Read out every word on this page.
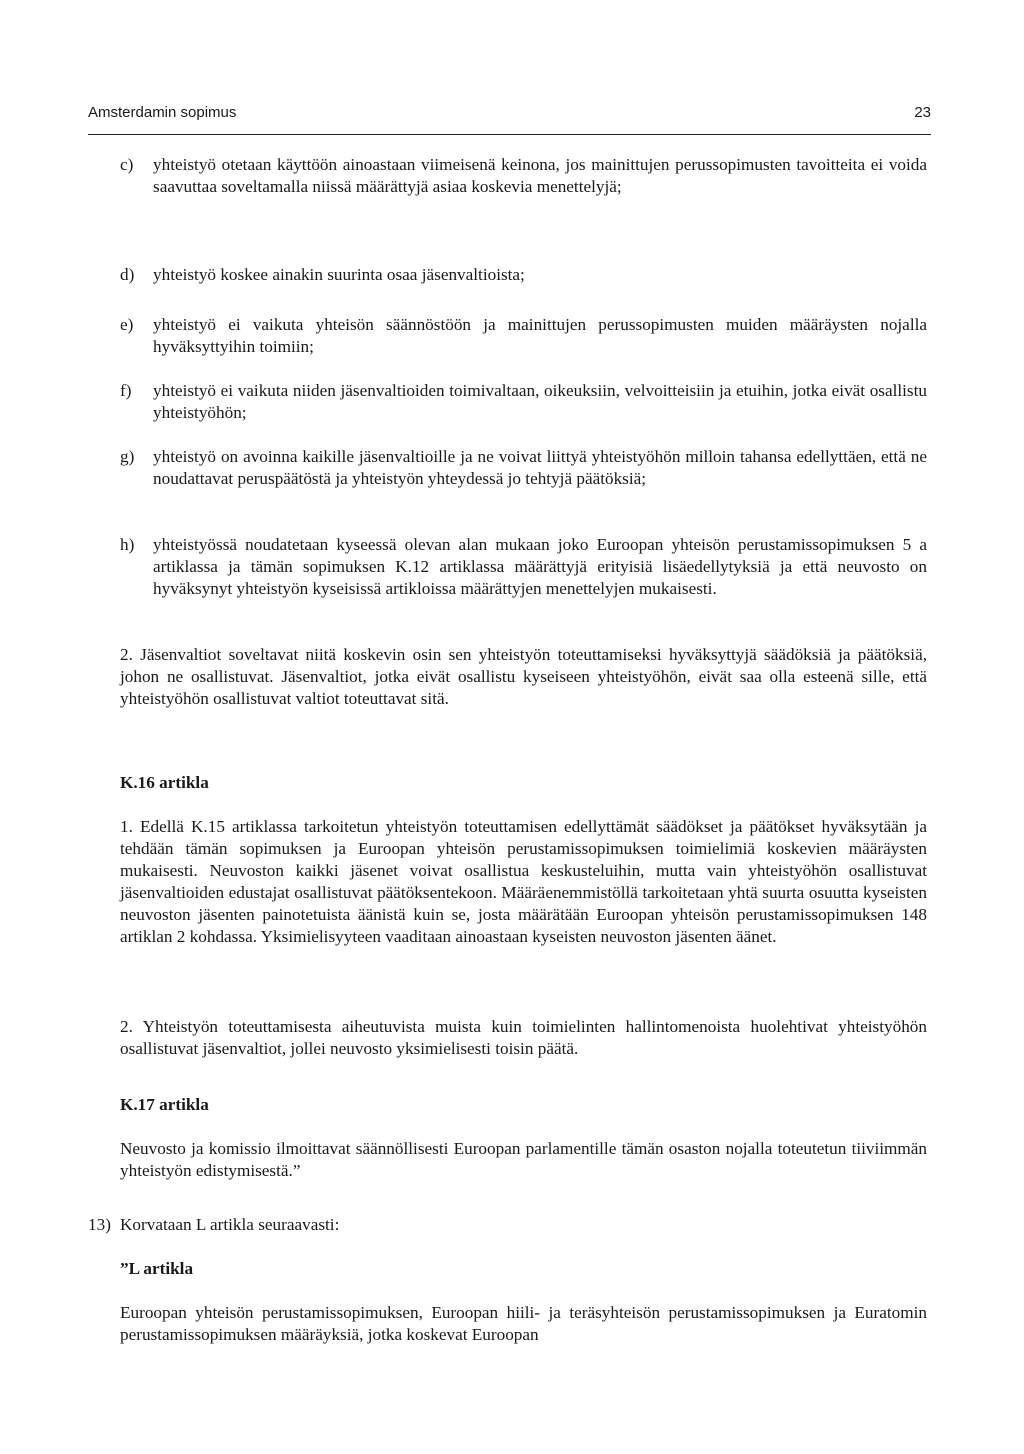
Amsterdamin sopimus	23
c) yhteistyö otetaan käyttöön ainoastaan viimeisenä keinona, jos mainittujen perussopimusten tavoitteita ei voida saavuttaa soveltamalla niissä määrättyjä asiaa koskevia menettelyjä;

d) yhteistyö koskee ainakin suurinta osaa jäsenvaltioista;

e) yhteistyö ei vaikuta yhteisön säännöstöön ja mainittujen perussopimusten muiden määräysten nojalla hyväksyttyihin toimiin;

f) yhteistyö ei vaikuta niiden jäsenvaltioiden toimivaltaan, oikeuksiin, velvoitteisiin ja etuihin, jotka eivät osallistu yhteistyöhön;

g) yhteistyö on avoinna kaikille jäsenvaltioille ja ne voivat liittyä yhteistyöhön milloin tahansa edellyttäen, että ne noudattavat peruspäätöstä ja yhteistyön yhteydessä jo tehtyjä päätöksiä;

h) yhteistyössä noudatetaan kyseessä olevan alan mukaan joko Euroopan yhteisön perustamissopimuksen 5 a artiklassa ja tämän sopimuksen K.12 artiklassa määrättyjä erityisiä lisäedellytyksiä ja että neuvosto on hyväksynyt yhteistyön kyseisissä artikloissa määrättyjen menettelyjen mukaisesti.

2. Jäsenvaltiot soveltavat niitä koskevin osin sen yhteistyön toteuttamiseksi hyväksyttyjä säädöksiä ja päätöksiä, johon ne osallistuvat. Jäsenvaltiot, jotka eivät osallistu kyseiseen yhteistyöhön, eivät saa olla esteenä sille, että yhteistyöhön osallistuvat valtiot toteuttavat sitä.

K.16 artikla

1. Edellä K.15 artiklassa tarkoitetun yhteistyön toteuttamisen edellyttämät säädökset ja päätökset hyväksytään ja tehdään tämän sopimuksen ja Euroopan yhteisön perustamissopimuksen toimielimiä koskevien määräysten mukaisesti. Neuvoston kaikki jäsenet voivat osallistua keskusteluihin, mutta vain yhteistyöhön osallistuvat jäsenvaltioiden edustajat osallistuvat päätöksentekoon. Määräenemmistöllä tarkoitetaan yhtä suurta osuutta kyseisten neuvoston jäsenten painotetuista äänistä kuin se, josta määrätään Euroopan yhteisön perustamissopimuksen 148 artiklan 2 kohdassa. Yksimielisyyteen vaaditaan ainoastaan kyseisten neuvoston jäsenten äänet.

2. Yhteistyön toteuttamisesta aiheutuvista muista kuin toimielinten hallintomenoista huolehtivat yhteistyöhön osallistuvat jäsenvaltiot, jollei neuvosto yksimielisesti toisin päätä.

K.17 artikla

Neuvosto ja komissio ilmoittavat säännöllisesti Euroopan parlamentille tämän osaston nojalla toteutetun tiiviimmän yhteistyön edistymisestä.”

13) Korvataan L artikla seuraavasti:

”L artikla

Euroopan yhteisön perustamissopimuksen, Euroopan hiili- ja teräsyhteisön perustamissopimuksen ja Euratomin perustamissopimuksen määräyksiä, jotka koskevat Euroopan
